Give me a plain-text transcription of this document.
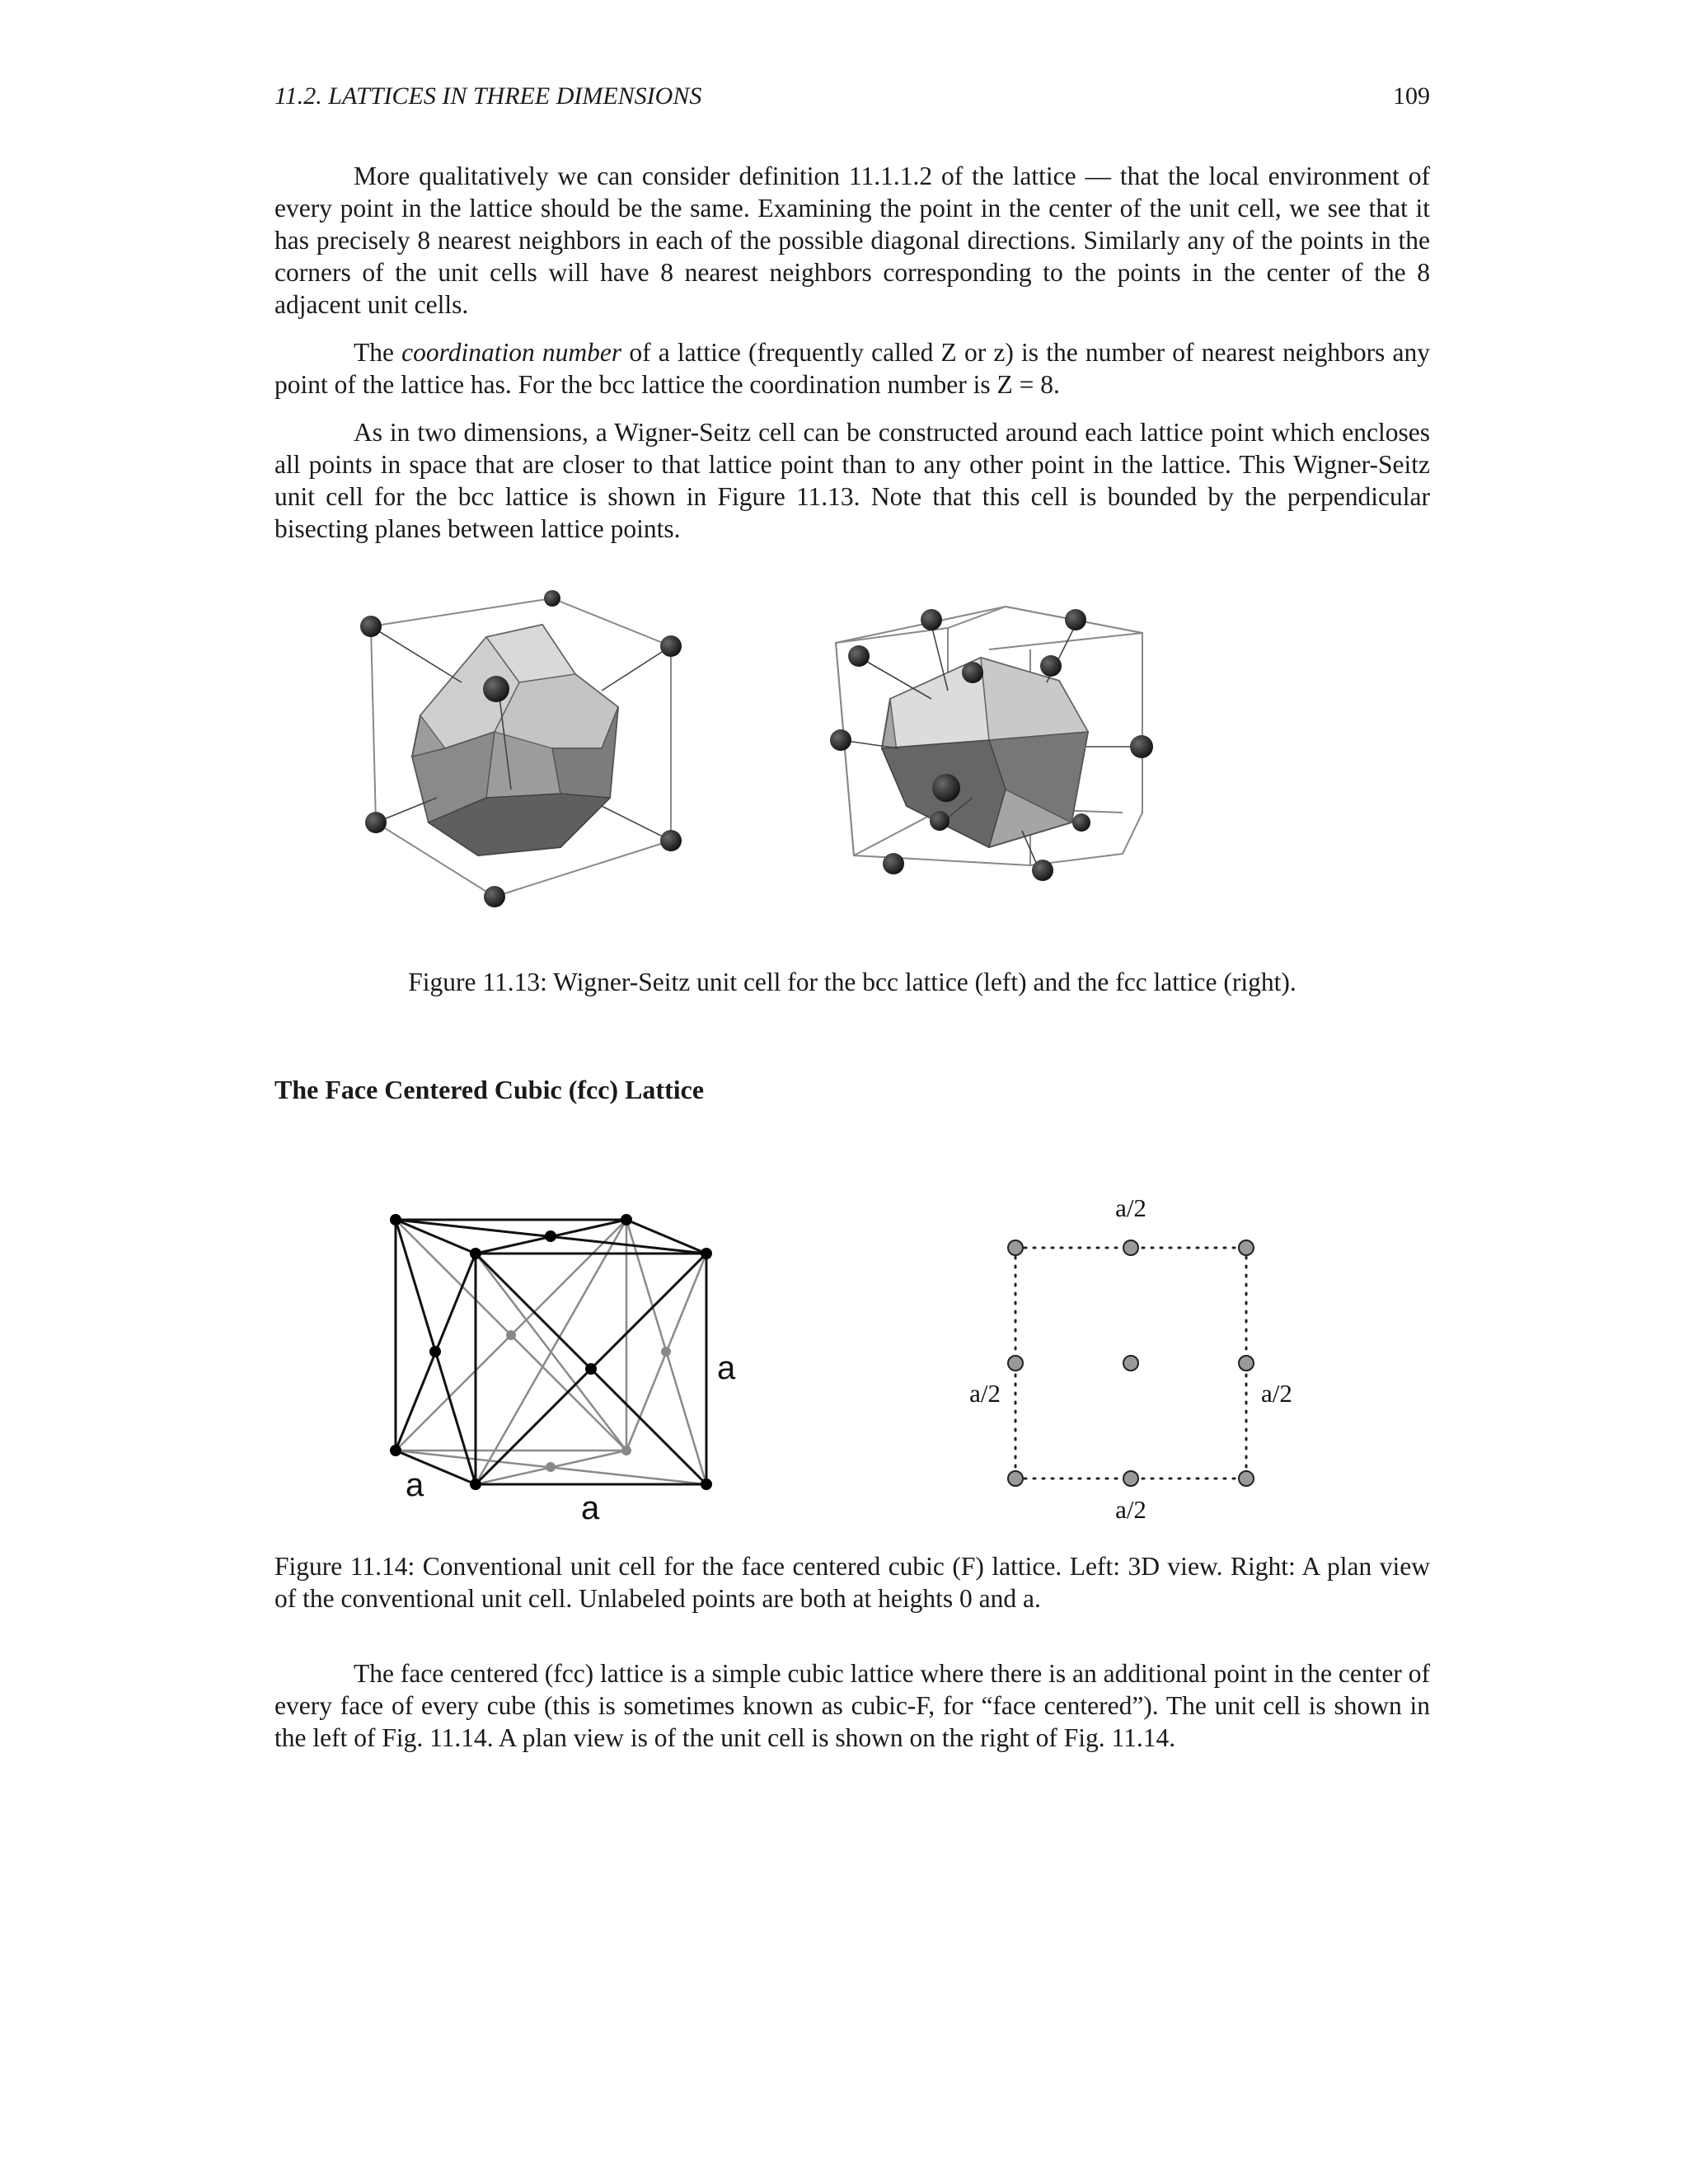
11.2. LATTICES IN THREE DIMENSIONS	109

More qualitatively we can consider definition 11.1.1.2 of the lattice — that the local environment of every point in the lattice should be the same. Examining the point in the center of the unit cell, we see that it has precisely 8 nearest neighbors in each of the possible diagonal directions. Similarly any of the points in the corners of the unit cells will have 8 nearest neighbors corresponding to the points in the center of the 8 adjacent unit cells.

The coordination number of a lattice (frequently called Z or z) is the number of nearest neighbors any point of the lattice has. For the bcc lattice the coordination number is Z = 8.

As in two dimensions, a Wigner-Seitz cell can be constructed around each lattice point which encloses all points in space that are closer to that lattice point than to any other point in the lattice. This Wigner-Seitz unit cell for the bcc lattice is shown in Figure 11.13. Note that this cell is bounded by the perpendicular bisecting planes between lattice points.

Figure 11.13: Wigner-Seitz unit cell for the bcc lattice (left) and the fcc lattice (right).

The Face Centered Cubic (fcc) Lattice
a
a
a
a/2
a/2	a/2
a/2

Figure 11.14: Conventional unit cell for the face centered cubic (F) lattice. Left: 3D view. Right: A plan view of the conventional unit cell. Unlabeled points are both at heights 0 and a.

The face centered (fcc) lattice is a simple cubic lattice where there is an additional point in the center of every face of every cube (this is sometimes known as cubic-F, for “face centered”). The unit cell is shown in the left of Fig. 11.14. A plan view is of the unit cell is shown on the right of Fig. 11.14.
